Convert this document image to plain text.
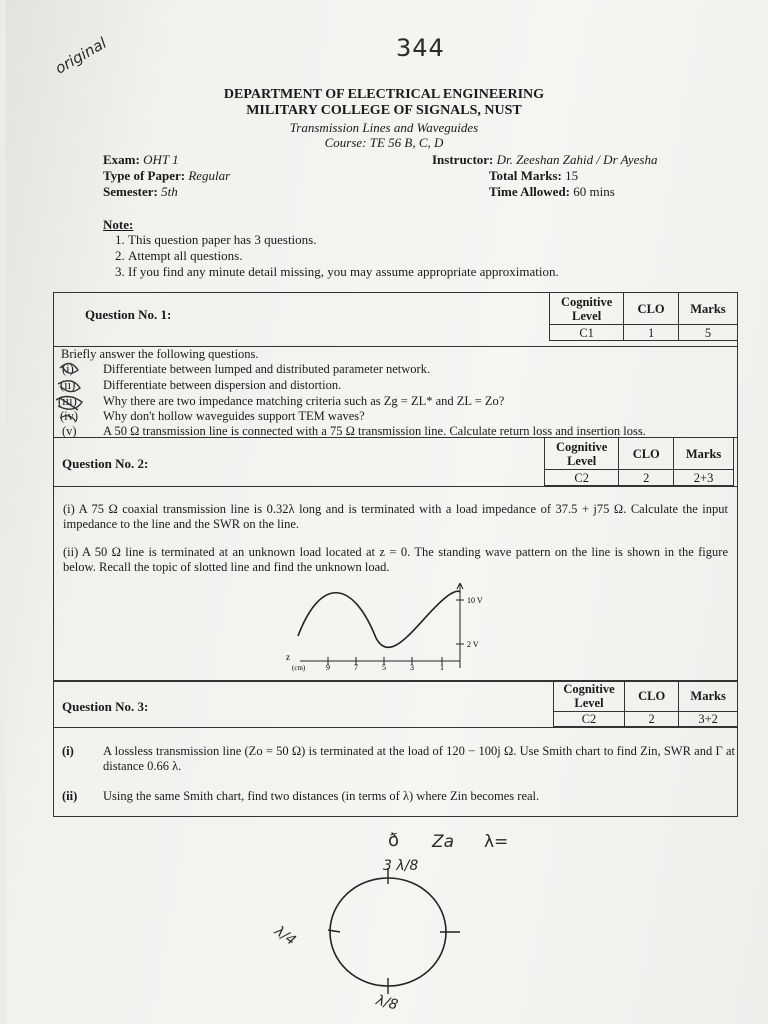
344
original
DEPARTMENT OF ELECTRICAL ENGINEERING
MILITARY COLLEGE OF SIGNALS, NUST
Transmission Lines and Waveguides
Course: TE 56 B, C, D
Exam: OHT 1
Type of Paper: Regular
Semester: 5th
Instructor: Dr. Zeeshan Zahid / Dr Ayesha
Total Marks: 15
Time Allowed: 60 mins
Note:
1. This question paper has 3 questions.
2. Attempt all questions.
3. If you find any minute detail missing, you may assume appropriate approximation.
Question No. 1:
Cognitive Level	CLO	Marks
C1	1	5
Briefly answer the following questions.
(i) Differentiate between lumped and distributed parameter network.
(ii) Differentiate between dispersion and distortion.
(iii) Why there are two impedance matching criteria such as Zg = ZL* and ZL = Zo?
(iv) Why don't hollow waveguides support TEM waves?
(v) A 50 Ω transmission line is connected with a 75 Ω transmission line. Calculate return loss and insertion loss.
Question No. 2:
Cognitive Level	CLO	Marks
C2	2	2+3
(i) A 75 Ω coaxial transmission line is 0.32λ long and is terminated with a load impedance of 37.5 + j75 Ω. Calculate the input impedance to the line and the SWR on the line.
(ii) A 50 Ω line is terminated at an unknown load located at z = 0. The standing wave pattern on the line is shown in the figure below. Recall the topic of slotted line and find the unknown load.
10 V
2 V
z
(cm)	9	7	5	3	1
Question No. 3:
Cognitive Level	CLO	Marks
C2	2	3+2
(i) A lossless transmission line (Zo = 50 Ω) is terminated at the load of 120 − 100j Ω. Use Smith chart to find Zin, SWR and Γ at distance 0.66 λ.
(ii) Using the same Smith chart, find two distances (in terms of λ) where Zin becomes real.
ð Za λ=
3 λ/8
λ/4
λ/8
